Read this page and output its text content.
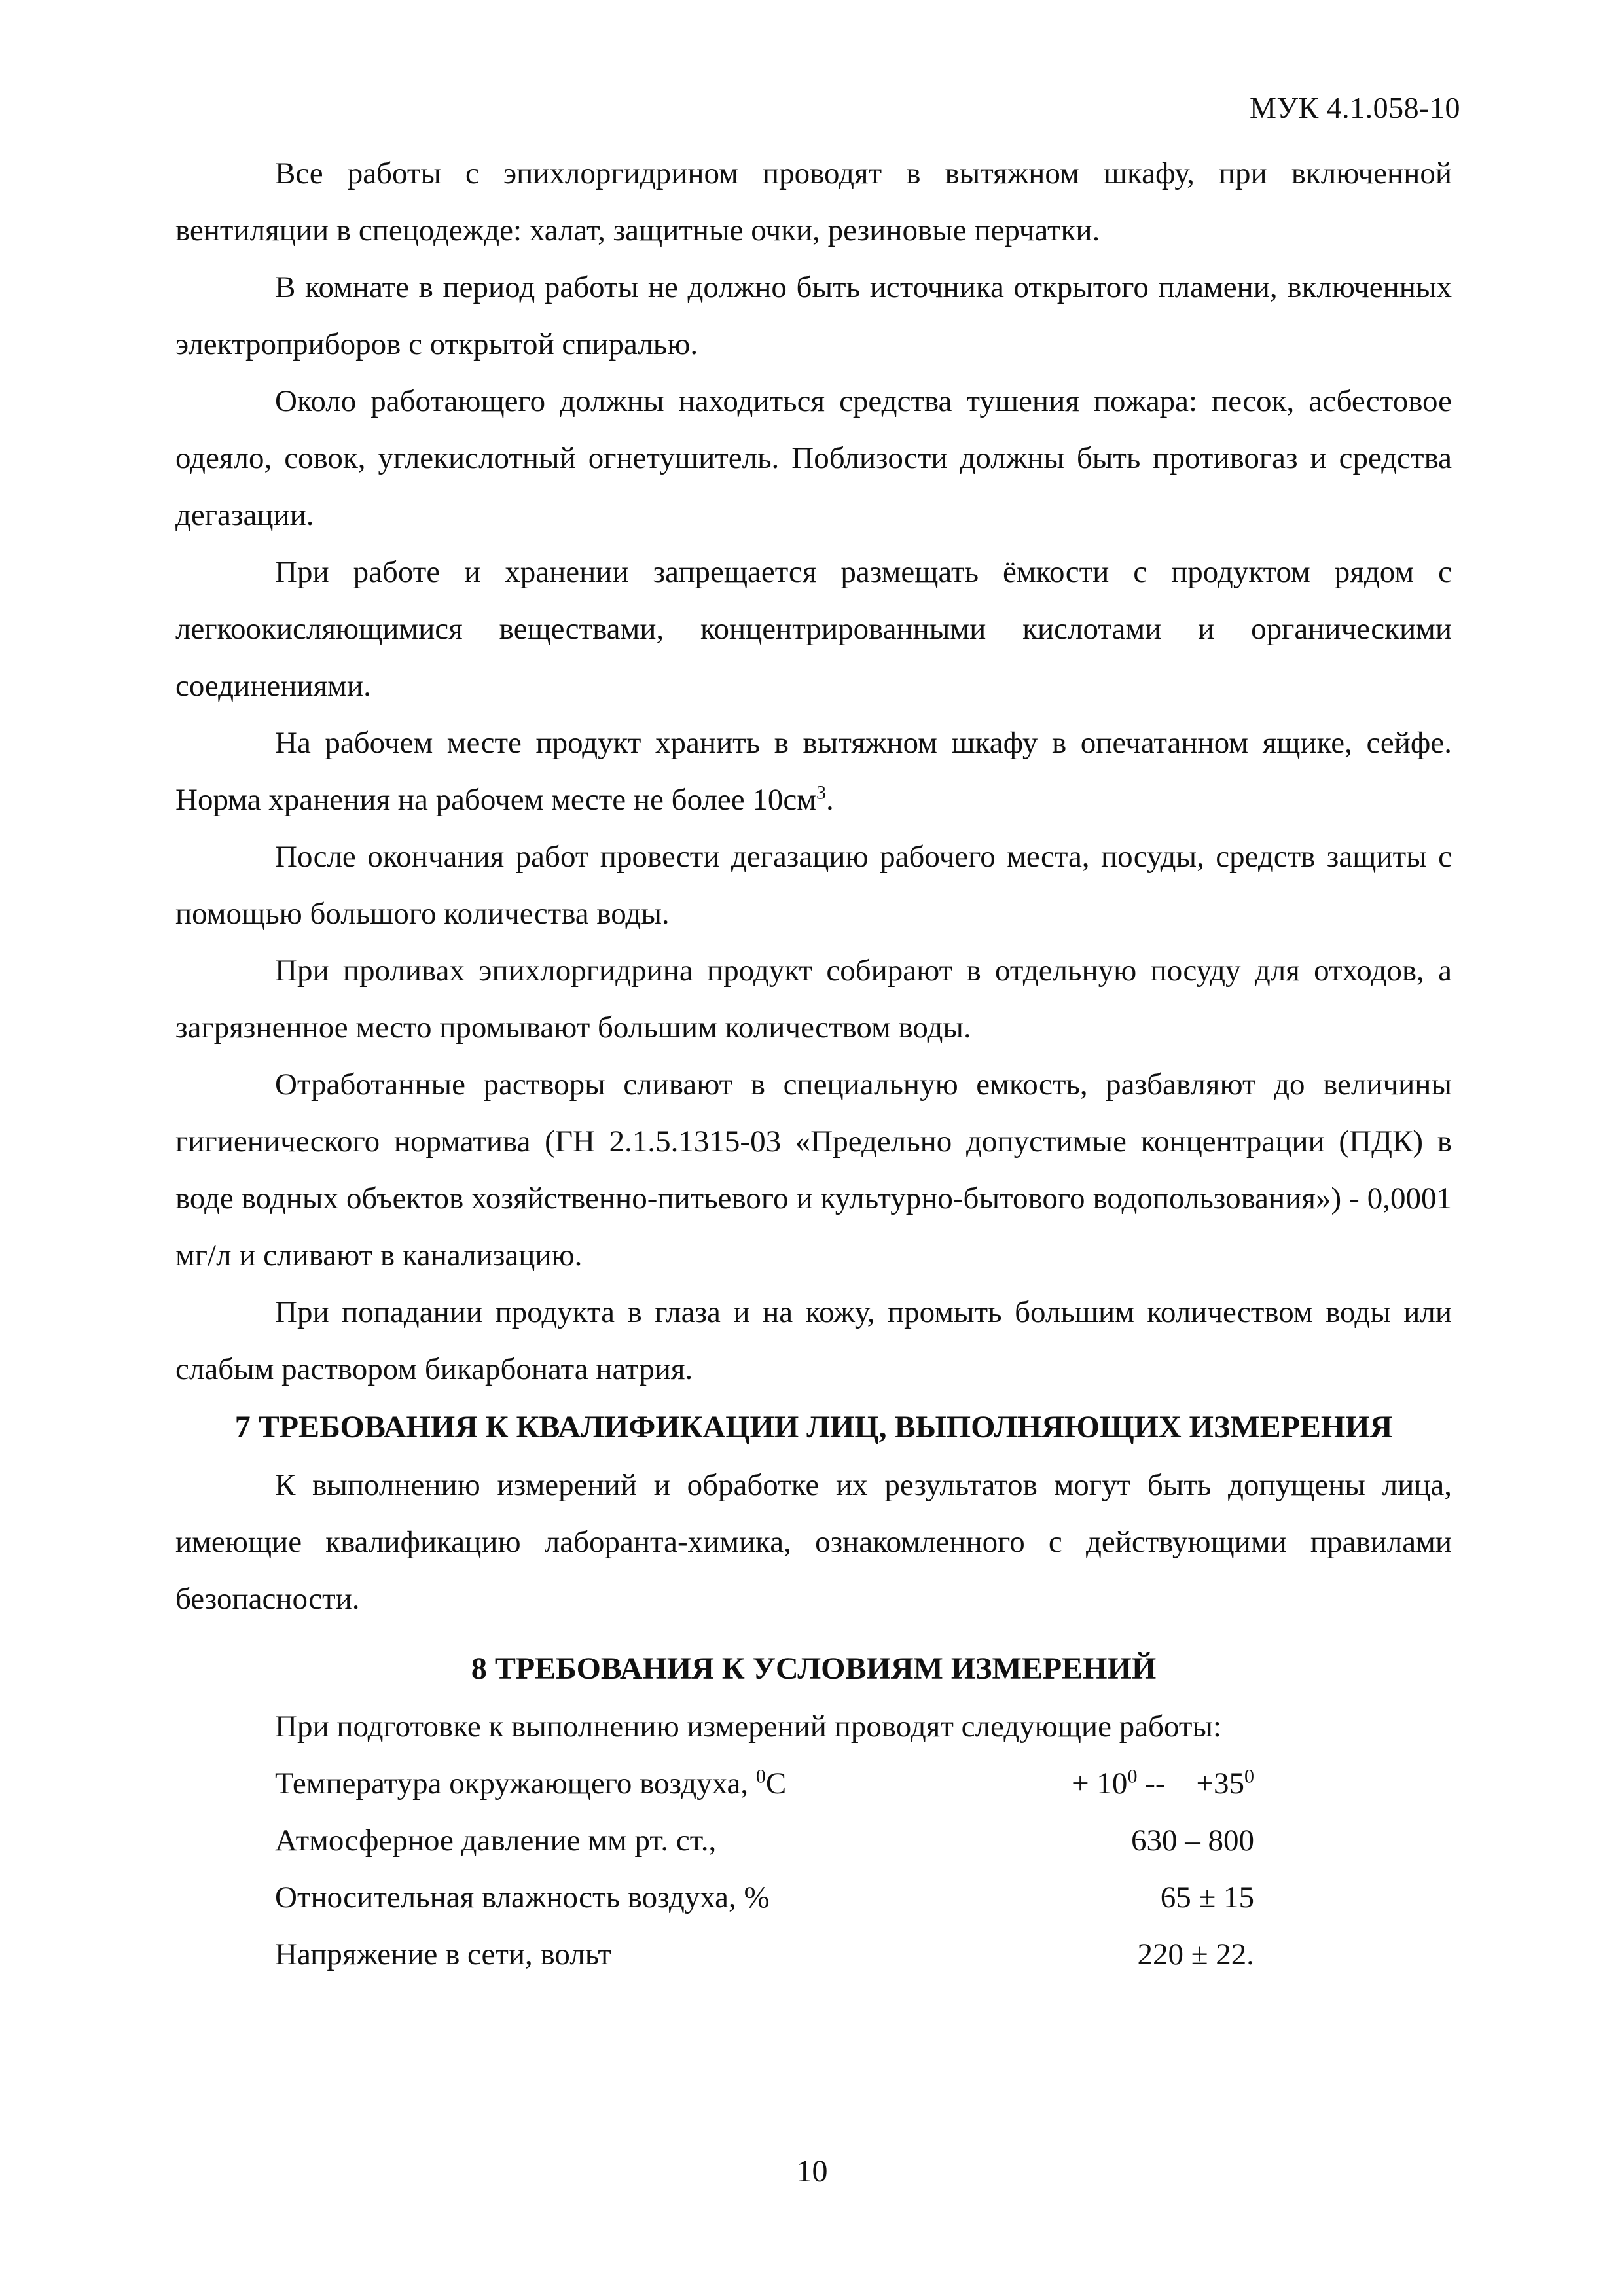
МУК 4.1.058-10

Все работы с эпихлоргидрином проводят в вытяжном шкафу, при включенной вентиляции в спецодежде: халат, защитные очки, резиновые перчатки.

В комнате в период работы не должно быть источника открытого пламени, включенных электроприборов с открытой спиралью.

Около работающего должны находиться средства тушения пожара: песок, асбестовое одеяло, совок, углекислотный огнетушитель. Поблизости должны быть противогаз и средства дегазации.

При работе и хранении запрещается размещать ёмкости с продуктом рядом с легкоокисляющимися веществами, концентрированными кислотами и органическими соединениями.

На рабочем месте продукт хранить в вытяжном шкафу в опечатанном ящике, сейфе. Норма хранения на рабочем месте не более $10см^3$.

После окончания работ провести дегазацию рабочего места, посуды, средств защиты с помощью большого количества воды.

При проливах эпихлоргидрина продукт собирают в отдельную посуду для отходов, а загрязненное место промывают большим количеством воды.

Отработанные растворы сливают в специальную емкость, разбавляют до величины гигиенического норматива (ГН 2.1.5.1315-03 «Предельно допустимые концентрации (ПДК) в воде водных объектов хозяйственно-питьевого и культурно-бытового водопользования») - 0,0001 мг/л и сливают в канализацию.

При попадании продукта в глаза и на кожу, промыть большим количеством воды или слабым раствором бикарбоната натрия.

7 ТРЕБОВАНИЯ К КВАЛИФИКАЦИИ ЛИЦ, ВЫПОЛНЯЮЩИХ ИЗМЕРЕНИЯ

К выполнению измерений и обработке их результатов могут быть допущены лица, имеющие квалификацию лаборанта-химика, ознакомленного с действующими правилами безопасности.

8 ТРЕБОВАНИЯ К УСЛОВИЯМ ИЗМЕРЕНИЙ

При подготовке к выполнению измерений проводят следующие работы:

Температура окружающего воздуха, $^0$С	+ $10^0$ --    $+35^0$
Атмосферное давление мм рт. ст.,	630 – 800
Относительная влажность воздуха, %	65 ± 15
Напряжение в сети, вольт	220 ± 22.
10
